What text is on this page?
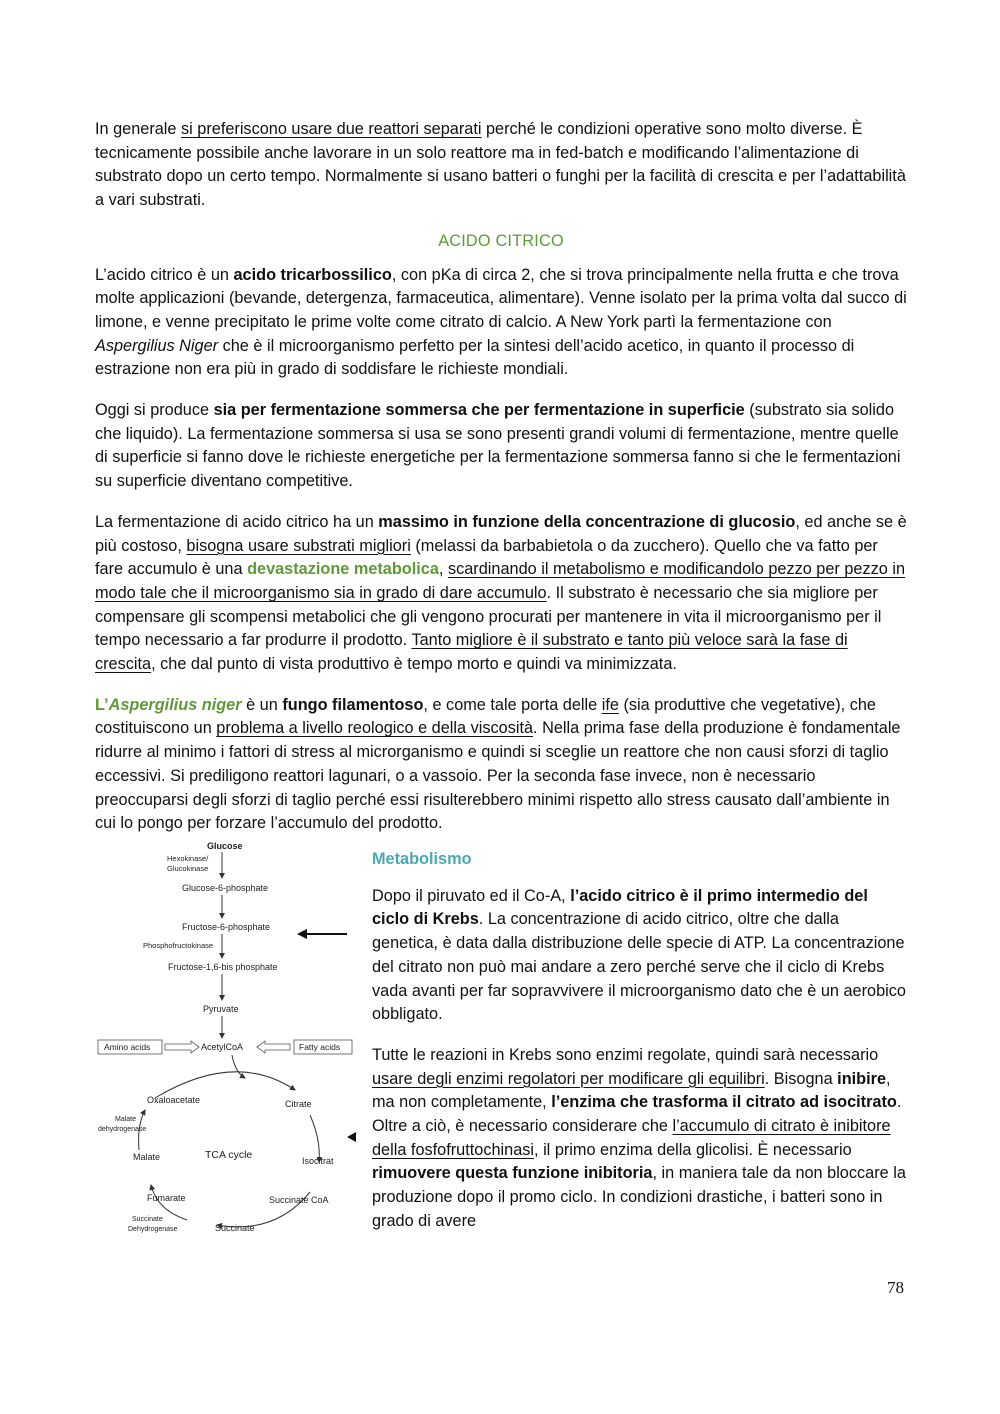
In generale si preferiscono usare due reattori separati perché le condizioni operative sono molto diverse. È tecnicamente possibile anche lavorare in un solo reattore ma in fed-batch e modificando l’alimentazione di substrato dopo un certo tempo. Normalmente si usano batteri o funghi per la facilità di crescita e per l’adattabilità a vari substrati.

ACIDO CITRICO

L’acido citrico è un acido tricarbossilico, con pKa di circa 2, che si trova principalmente nella frutta e che trova molte applicazioni (bevande, detergenza, farmaceutica, alimentare). Venne isolato per la prima volta dal succo di limone, e venne precipitato le prime volte come citrato di calcio. A New York partì la fermentazione con Aspergilius Niger che è il microorganismo perfetto per la sintesi dell’acido acetico, in quanto il processo di estrazione non era più in grado di soddisfare le richieste mondiali.

Oggi si produce sia per fermentazione sommersa che per fermentazione in superficie (substrato sia solido che liquido). La fermentazione sommersa si usa se sono presenti grandi volumi di fermentazione, mentre quelle di superficie si fanno dove le richieste energetiche per la fermentazione sommersa fanno si che le fermentazioni su superficie diventano competitive.

La fermentazione di acido citrico ha un massimo in funzione della concentrazione di glucosio, ed anche se è più costoso, bisogna usare substrati migliori (melassi da barbabietola o da zucchero). Quello che va fatto per fare accumulo è una devastazione metabolica, scardinando il metabolismo e modificandolo pezzo per pezzo in modo tale che il microorganismo sia in grado di dare accumulo. Il substrato è necessario che sia migliore per compensare gli scompensi metabolici che gli vengono procurati per mantenere in vita il microorganismo per il tempo necessario a far produrre il prodotto. Tanto migliore è il substrato e tanto più veloce sarà la fase di crescita, che dal punto di vista produttivo è tempo morto e quindi va minimizzata.

L’Aspergilius niger è un fungo filamentoso, e come tale porta delle ife (sia produttive che vegetative), che costituiscono un problema a livello reologico e della viscosità. Nella prima fase della produzione è fondamentale ridurre al minimo i fattori di stress al microrganismo e quindi si sceglie un reattore che non causi sforzi di taglio eccessivi. Si prediligono reattori lagunari, o a vassoio. Per la seconda fase invece, non è necessario preoccuparsi degli sforzi di taglio perché essi risulterebbero minimi rispetto allo stress causato dall’ambiente in cui lo pongo per forzare l’accumulo del prodotto.

Glucose
Hexokinase/
Glucokinase
Glucose-6-phosphate
Fructose-6-phosphate
Phosphofructokinase
Fructose-1,6-bis phosphate
Pyruvate
Amino acids	AcetylCoA	Fatty acids
Oxaloacetate	Citrate
Malate
dehydrogenase
Malate	TCA cycle	Isocitrat
Fumarate	Succinate CoA
Succinate
Dehydrogenase	Succinate

Metabolismo

Dopo il piruvato ed il Co-A, l’acido citrico è il primo intermedio del ciclo di Krebs. La concentrazione di acido citrico, oltre che dalla genetica, è data dalla distribuzione delle specie di ATP. La concentrazione del citrato non può mai andare a zero perché serve che il ciclo di Krebs vada avanti per far sopravvivere il microorganismo dato che è un aerobico obbligato.

Tutte le reazioni in Krebs sono enzimi regolate, quindi sarà necessario usare degli enzimi regolatori per modificare gli equilibri. Bisogna inibire, ma non completamente, l’enzima che trasforma il citrato ad isocitrato. Oltre a ciò, è necessario considerare che l’accumulo di citrato è inibitore della fosfofruttochinasi, il primo enzima della glicolisi. È necessario rimuovere questa funzione inibitoria, in maniera tale da non bloccare la produzione dopo il promo ciclo. In condizioni drastiche, i batteri sono in grado di avere

78
